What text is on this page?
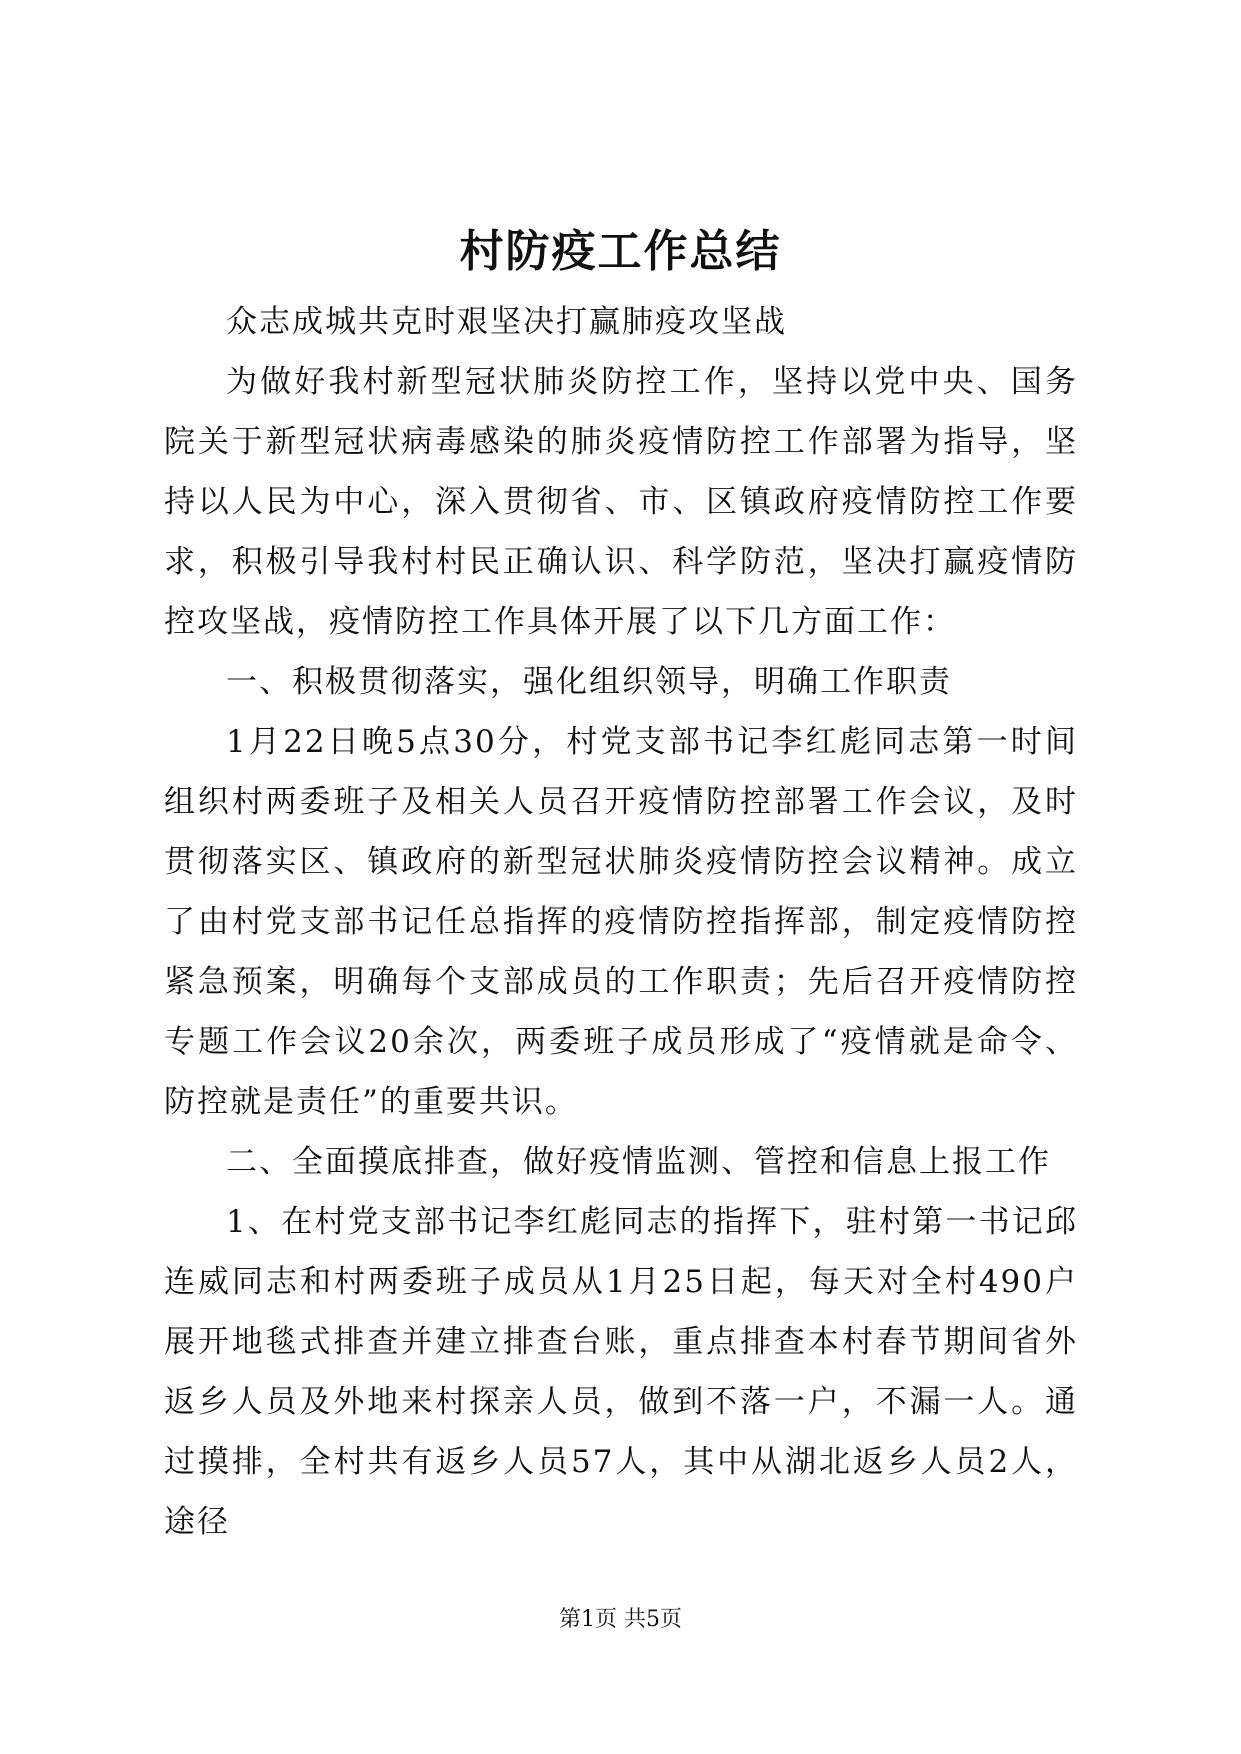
村防疫工作总结

众志成城共克时艰坚决打赢肺疫攻坚战

为做好我村新型冠状肺炎防控工作，坚持以党中央、国务院关于新型冠状病毒感染的肺炎疫情防控工作部署为指导，坚持以人民为中心，深入贯彻省、市、区镇政府疫情防控工作要求，积极引导我村村民正确认识、科学防范，坚决打赢疫情防控攻坚战，疫情防控工作具体开展了以下几方面工作：

一、积极贯彻落实，强化组织领导，明确工作职责

1月22日晚5点30分，村党支部书记李红彪同志第一时间组织村两委班子及相关人员召开疫情防控部署工作会议，及时贯彻落实区、镇政府的新型冠状肺炎疫情防控会议精神。成立了由村党支部书记任总指挥的疫情防控指挥部，制定疫情防控紧急预案，明确每个支部成员的工作职责；先后召开疫情防控专题工作会议20余次，两委班子成员形成了“疫情就是命令、防控就是责任”的重要共识。

二、全面摸底排查，做好疫情监测、管控和信息上报工作

1、在村党支部书记李红彪同志的指挥下，驻村第一书记邱连威同志和村两委班子成员从1月25日起，每天对全村490户展开地毯式排查并建立排查台账，重点排查本村春节期间省外返乡人员及外地来村探亲人员，做到不落一户，不漏一人。通过摸排，全村共有返乡人员57人，其中从湖北返乡人员2人，途径

第1页 共5页
